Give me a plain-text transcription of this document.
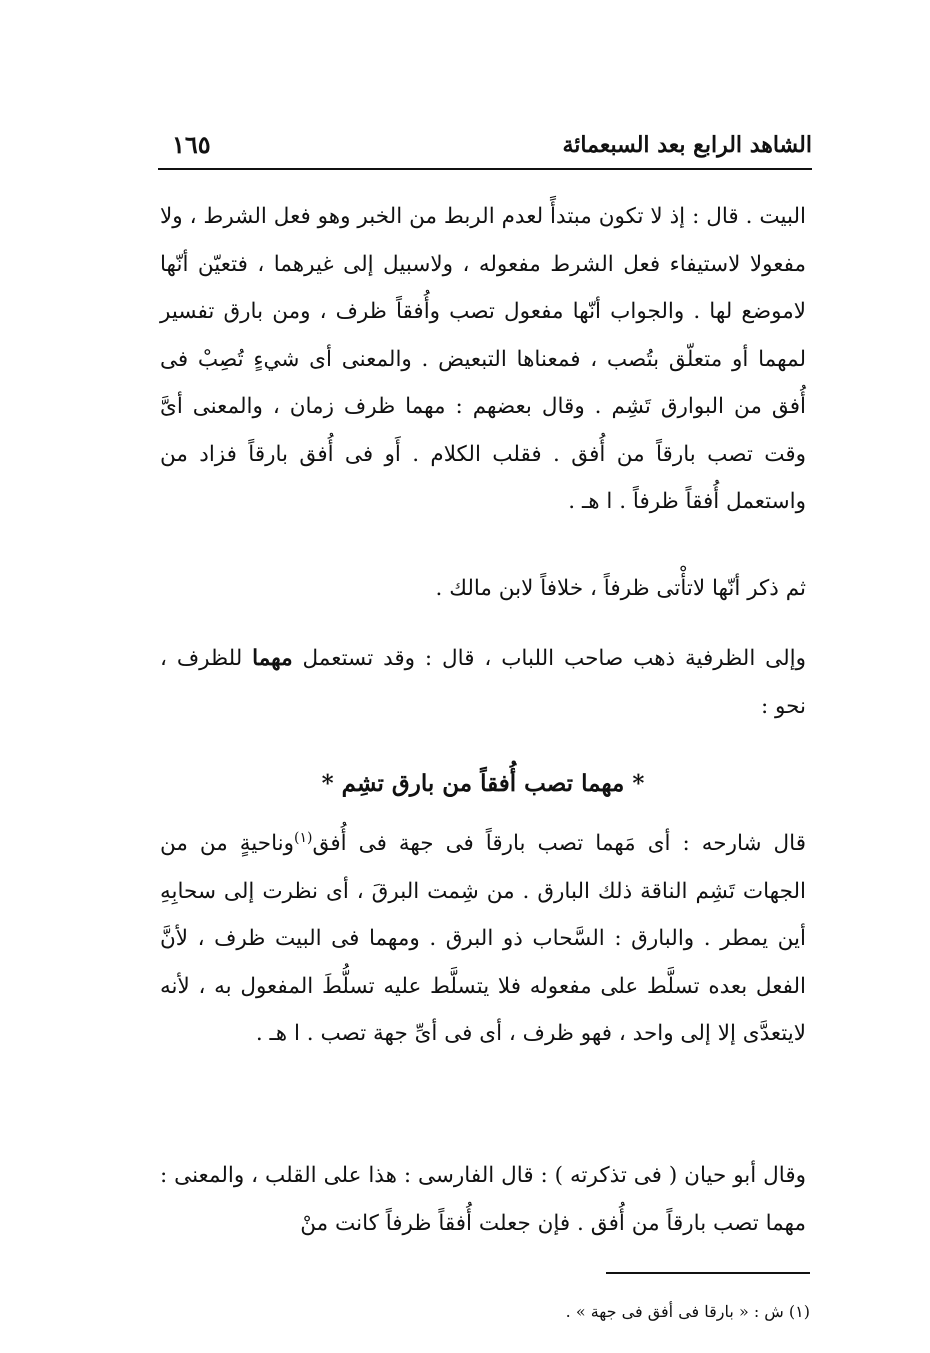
الشاهد الرابع بعد السبعمائة
١٦٥

البيت . قال : إذ لا تكون مبتدأً لعدم الربط من الخبر وهو فعل الشرط ، ولا مفعولا لاستيفاء فعل الشرط مفعوله ، ولاسبيل إلى غيرهما ، فتعيّن أنّها لاموضع لها . والجواب أنّها مفعول تصب وأُفقاً ظرف ، ومن بارق تفسير لمهما أو متعلّق بتُصب ، فمعناها التبعيض . والمعنى أى شيءٍ تُصِبْ فى أُفق من البوارق تَشِم . وقال بعضهم : مهما ظرف زمان ، والمعنى أىَّ وقت تصب بارقاً من أُفق . فقلب الكلام . أَو فى أُفق بارقاً فزاد من واستعمل أُفقاً ظرفاً . ا هـ .

ثم ذكر أنّها لاتأْتى ظرفاً ، خلافاً لابن مالك .

وإلى الظرفية ذهب صاحب اللباب ، قال : وقد تستعمل مهما للظرف ، نحو :

* مهما تصب أُفقاً من بارق تشِم *

قال شارحه : أى مَهما تصب بارقاً فى جهة فى أُفق$^{(١)}$وناحيةٍ من من الجهات تَشِم الناقة ذلك البارق . من شِمت البرقَ ، أى نظرت إلى سحابِهِ أين يمطر . والبارق : السَّحاب ذو البرق . ومهما فى البيت ظرف ، لأنَّ الفعل بعده تسلَّط على مفعوله فلا يتسلَّط عليه تسلُّطَ المفعول به ، لأنه لايتعدَّى إلا إلى واحد ، فهو ظرف ، أى فى أىِّ جهة تصب . ا هـ .

وقال أبو حيان ( فى تذكرته ) : قال الفارسى : هذا على القلب ، والمعنى : مهما تصب بارقاً من أُفق . فإن جعلت أُفقاً ظرفاً كانت منْ

(١) ش : « بارقا فى أفق فى جهة » .
